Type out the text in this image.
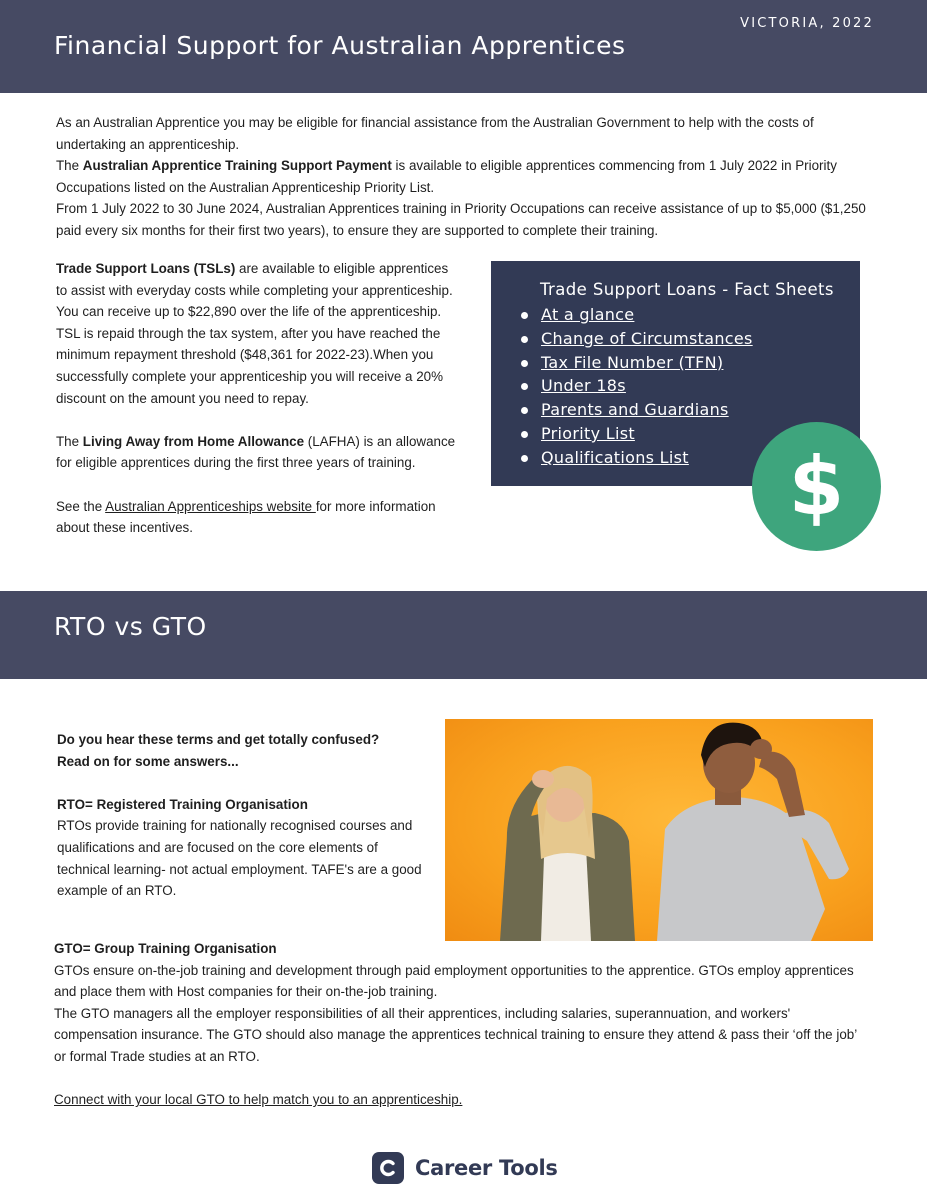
Financial Support for Australian Apprentices
VICTORIA, 2022

As an Australian Apprentice you may be eligible for financial assistance from the Australian Government to help with the costs of undertaking an apprenticeship.

The Australian Apprentice Training Support Payment is available to eligible apprentices commencing from 1 July 2022 in Priority Occupations listed on the Australian Apprenticeship Priority List.

From 1 July 2022 to 30 June 2024, Australian Apprentices training in Priority Occupations can receive assistance of up to $5,000 ($1,250 paid every six months for their first two years), to ensure they are supported to complete their training.

Trade Support Loans (TSLs) are available to eligible apprentices to assist with everyday costs while completing your apprenticeship. You can receive up to $22,890 over the life of the apprenticeship.

TSL is repaid through the tax system, after you have reached the minimum repayment threshold ($48,361 for 2022-23).When you successfully complete your apprenticeship you will receive a 20% discount on the amount you need to repay.

The Living Away from Home Allowance (LAFHA) is an allowance for eligible apprentices during the first three years of training.

See the Australian Apprenticeships website for more information about these incentives.

Trade Support Loans - Fact Sheets
At a glance
Change of Circumstances
Tax File Number (TFN)
Under 18s
Parents and Guardians
Priority List
Qualifications List	$
RTO vs GTO

Do you hear these terms and get totally confused?

Read on for some answers...

RTO= Registered Training Organisation

RTOs provide training for nationally recognised courses and qualifications and are focused on the core elements of technical learning- not actual employment. TAFE's are a good example of an RTO.

GTO= Group Training Organisation

GTOs ensure on-the-job training and development through paid employment opportunities to the apprentice. GTOs employ apprentices and place them with Host companies for their on-the-job training.

The GTO managers all the employer responsibilities of all their apprentices, including salaries, superannuation, and workers' compensation insurance. The GTO should also manage the apprentices technical training to ensure they attend & pass their ‘off the job’ or formal Trade studies at an RTO.

Connect with your local GTO to help match you to an apprenticeship.

Career Tools
